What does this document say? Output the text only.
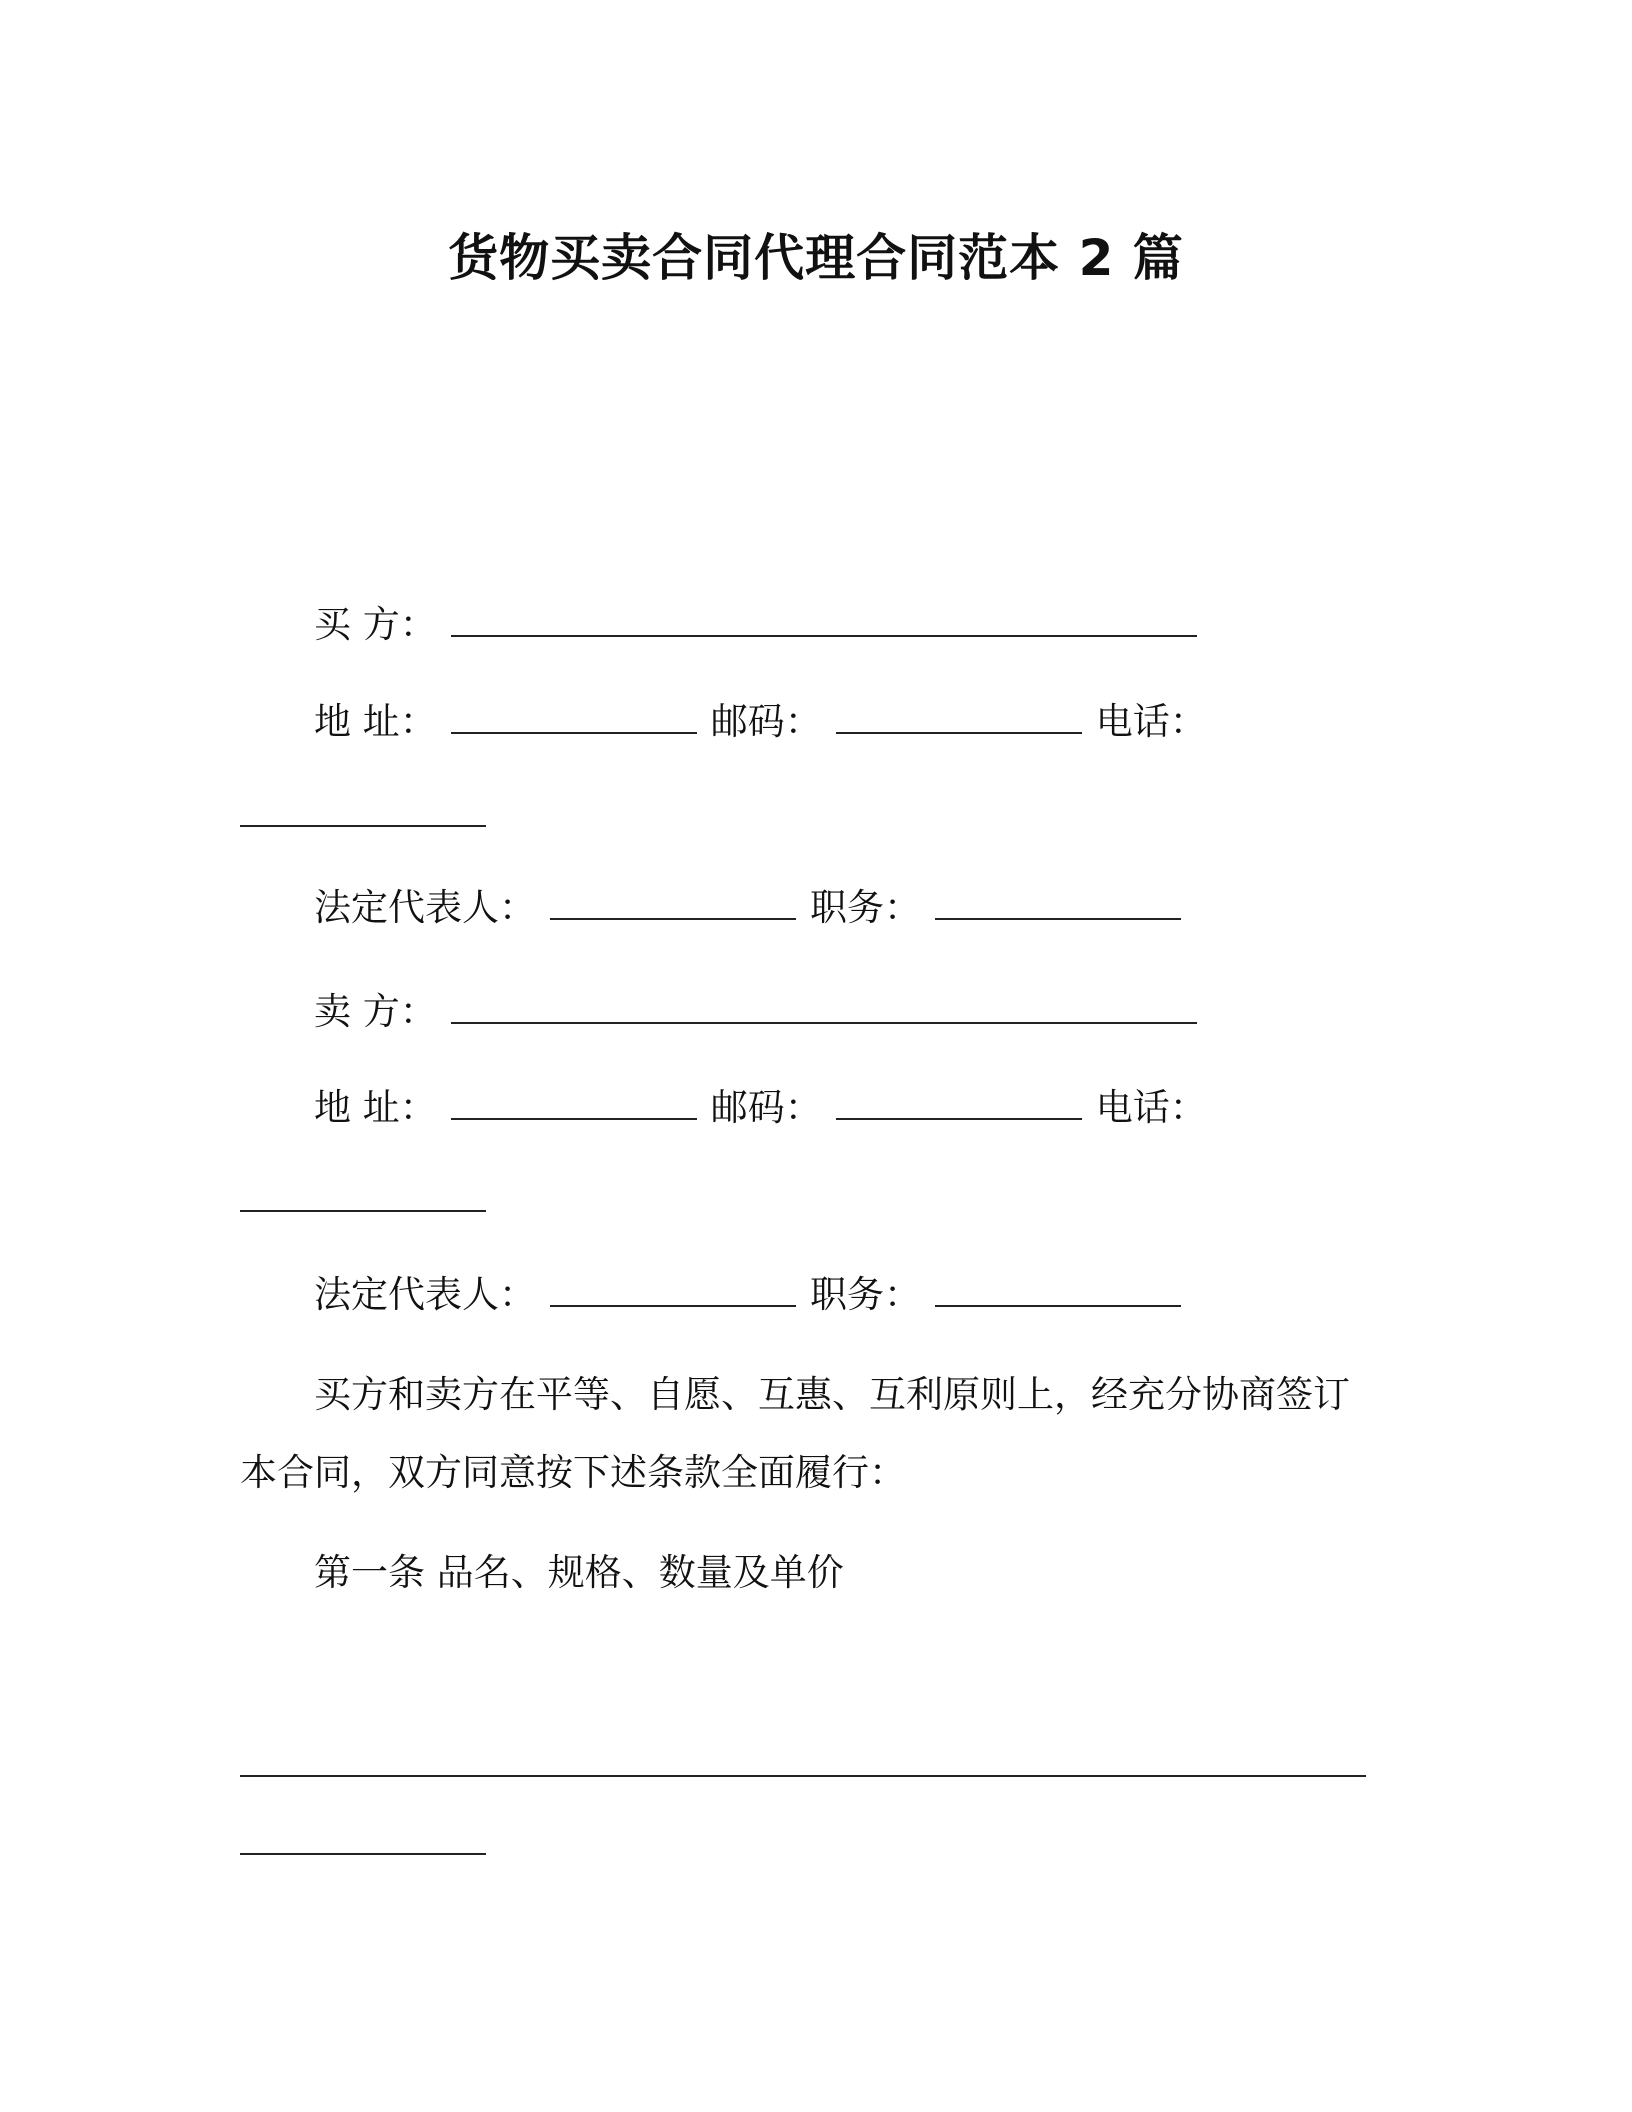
货物买卖合同代理合同范本 2 篇
买 方：
地 址：	邮码：	电话：
法定代表人：	职务：
卖 方：
地 址：	邮码：	电话：
法定代表人：	职务：
买方和卖方在平等、自愿、互惠、互利原则上，经充分协商签订
本合同，双方同意按下述条款全面履行：
第一条 品名、规格、数量及单价
